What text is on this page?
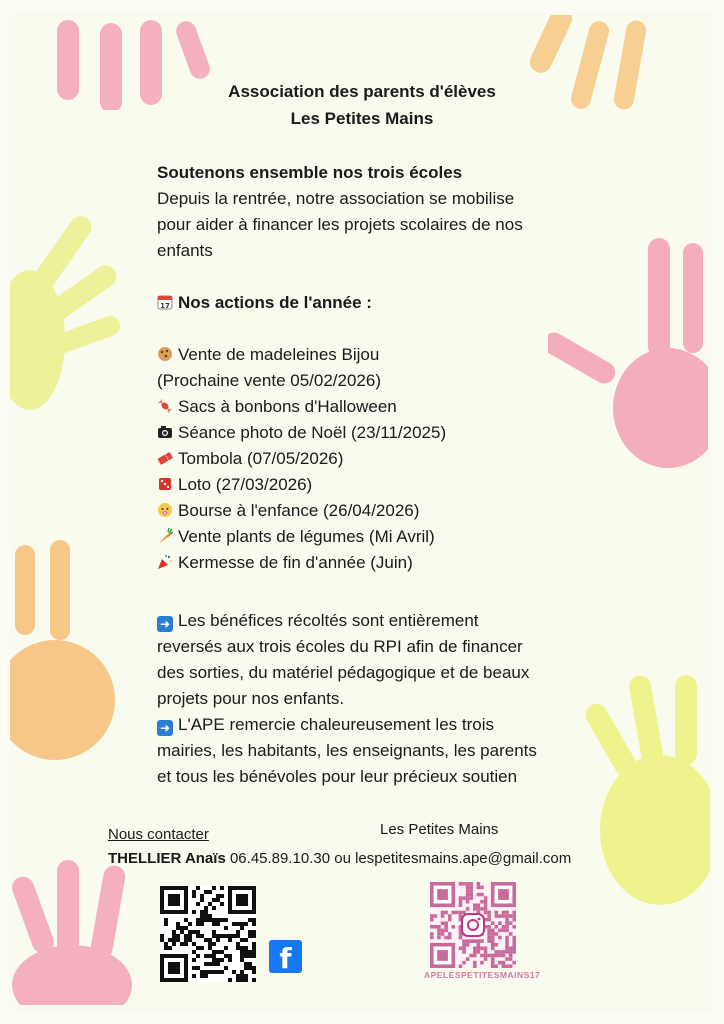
Association des parents d'élèves
Les Petites Mains
Soutenons ensemble nos trois écoles
Depuis la rentrée, notre association se mobilise
pour aider à financer les projets scolaires de nos
enfants
17 Nos actions de l'année :
Vente de madeleines Bijou
(Prochaine vente 05/02/2026)
Sacs à bonbons d'Halloween
Séance photo de Noël (23/11/2025)
Tombola (07/05/2026)
Loto (27/03/2026)
Bourse à l'enfance (26/04/2026)
Vente plants de légumes (Mi Avril)
Kermesse de fin d'année (Juin)
➜ Les bénéfices récoltés sont entièrement
reversés aux trois écoles du RPI afin de financer
des sorties, du matériel pédagogique et de beaux
projets pour nos enfants.
➜ L'APE remercie chaleureusement les trois
mairies, les habitants, les enseignants, les parents
et tous les bénévoles pour leur précieux soutien
Nous contacter	Les Petites Mains
THELLIER Anaïs 06.45.89.10.30 ou lespetitesmains.ape@gmail.com
f	APELESPETITESMAINS17
